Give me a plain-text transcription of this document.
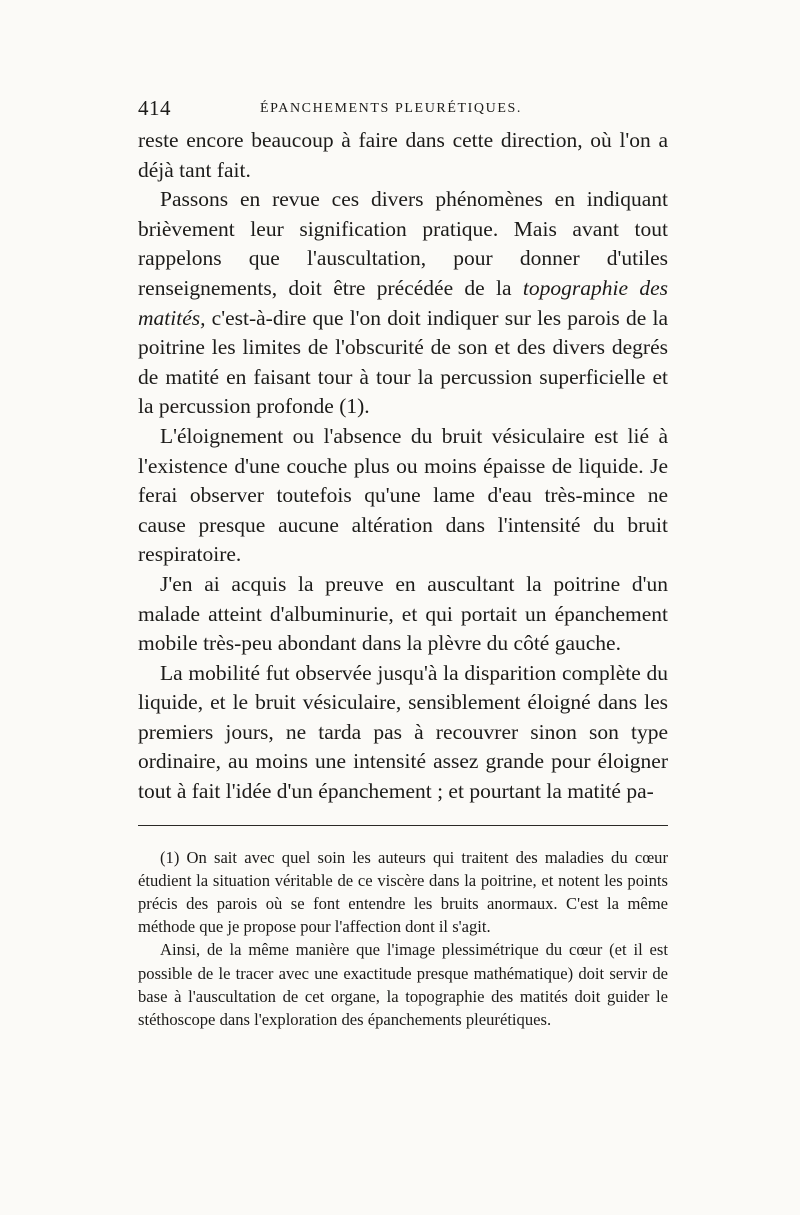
414	ÉPANCHEMENTS PLEURÉTIQUES.

reste encore beaucoup à faire dans cette direction, où l'on a déjà tant fait.

Passons en revue ces divers phénomènes en indiquant brièvement leur signification pratique. Mais avant tout rappelons que l'auscultation, pour donner d'utiles renseignements, doit être précédée de la topographie des matités, c'est-à-dire que l'on doit indiquer sur les parois de la poitrine les limites de l'obscurité de son et des divers degrés de matité en faisant tour à tour la percussion superficielle et la percussion profonde (1).

L'éloignement ou l'absence du bruit vésiculaire est lié à l'existence d'une couche plus ou moins épaisse de liquide. Je ferai observer toutefois qu'une lame d'eau très-mince ne cause presque aucune altération dans l'intensité du bruit respiratoire.

J'en ai acquis la preuve en auscultant la poitrine d'un malade atteint d'albuminurie, et qui portait un épanchement mobile très-peu abondant dans la plèvre du côté gauche.

La mobilité fut observée jusqu'à la disparition complète du liquide, et le bruit vésiculaire, sensiblement éloigné dans les premiers jours, ne tarda pas à recouvrer sinon son type ordinaire, au moins une intensité assez grande pour éloigner tout à fait l'idée d'un épanchement ; et pourtant la matité pa-

(1) On sait avec quel soin les auteurs qui traitent des maladies du cœur étudient la situation véritable de ce viscère dans la poitrine, et notent les points précis des parois où se font entendre les bruits anormaux. C'est la même méthode que je propose pour l'affection dont il s'agit.

Ainsi, de la même manière que l'image plessimétrique du cœur (et il est possible de le tracer avec une exactitude presque mathématique) doit servir de base à l'auscultation de cet organe, la topographie des matités doit guider le stéthoscope dans l'exploration des épanchements pleurétiques.
